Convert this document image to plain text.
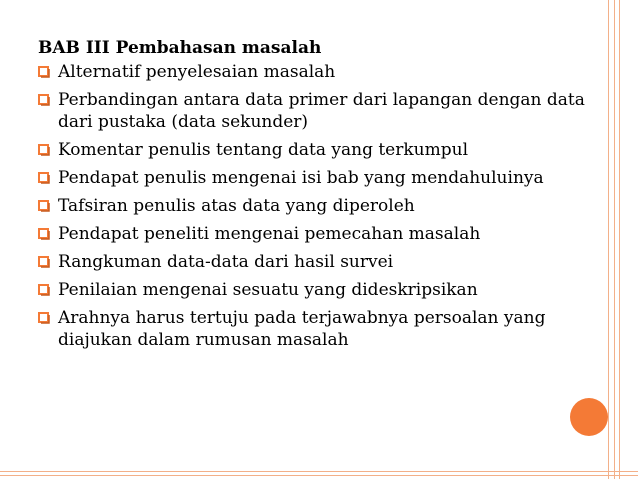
BAB III Pembahasan masalah
Alternatif penyelesaian masalah
Perbandingan antara data primer dari lapangan dengan data dari pustaka (data sekunder)
Komentar penulis tentang data yang terkumpul
Pendapat penulis mengenai isi bab yang mendahuluinya
Tafsiran penulis atas data yang diperoleh
Pendapat peneliti mengenai pemecahan masalah
Rangkuman data-data dari hasil survei
Penilaian mengenai sesuatu yang dideskripsikan
Arahnya harus tertuju pada terjawabnya persoalan yang diajukan dalam rumusan masalah
